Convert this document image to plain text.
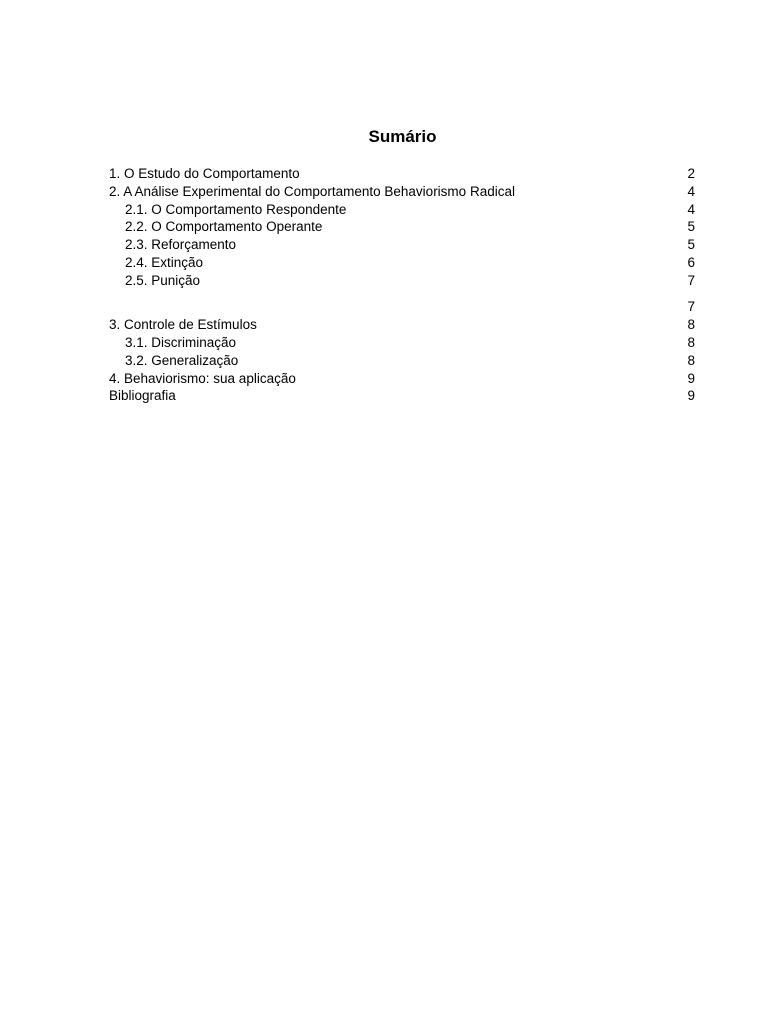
Sumário
1. O Estudo do Comportamento	2
2. A Análise Experimental do Comportamento Behaviorismo Radical	4
2.1. O Comportamento Respondente	4
2.2. O Comportamento Operante	5
2.3. Reforçamento	5
2.4. Extinção	6
2.5. Punição	7
7
3. Controle de Estímulos	8
3.1. Discriminação	8
3.2. Generalização	8
4. Behaviorismo: sua aplicação	9
Bibliografia	9
